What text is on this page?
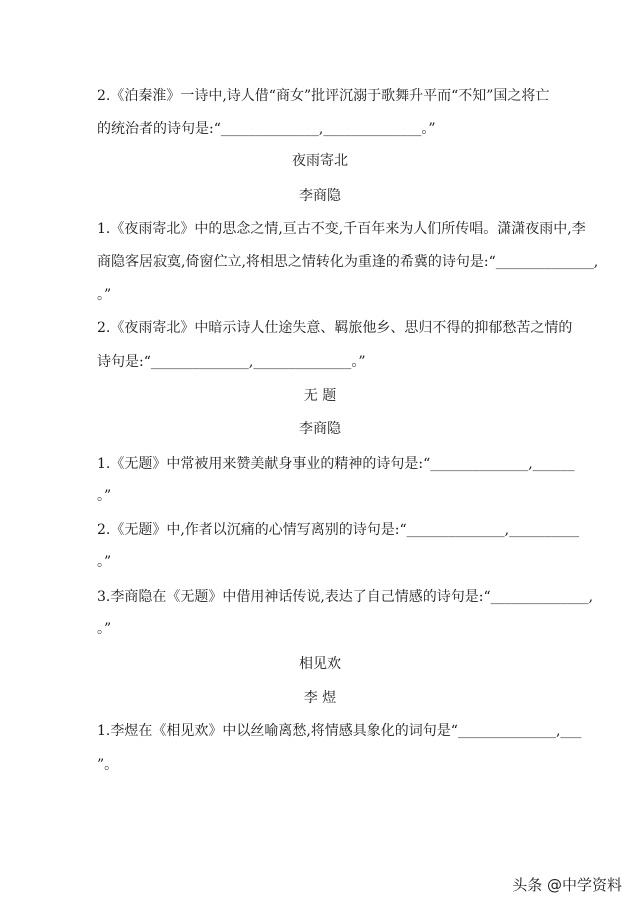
2.《泊秦淮》一诗中,诗人借“商女”批评沉溺于歌舞升平而“不知”国之将亡
的统治者的诗句是:“______________,______________。”
夜雨寄北
李商隐
1.《夜雨寄北》中的思念之情,亘古不变,千百年来为人们所传唱。潇潇夜雨中,李
商隐客居寂寞,倚窗伫立,将相思之情转化为重逢的希冀的诗句是:“______________,
。”
2.《夜雨寄北》中暗示诗人仕途失意、羁旅他乡、思归不得的抑郁愁苦之情的
诗句是:“______________,______________。”
无 题
李商隐
1.《无题》中常被用来赞美献身事业的精神的诗句是:“______________,______
。”
2.《无题》中,作者以沉痛的心情写离别的诗句是:“______________,__________
。”
3.李商隐在《无题》中借用神话传说,表达了自己情感的诗句是:“______________,
。”
相见欢
李 煜
1.李煜在《相见欢》中以丝喻离愁,将情感具象化的词句是“______________,___
”。
头条 @中学资料
